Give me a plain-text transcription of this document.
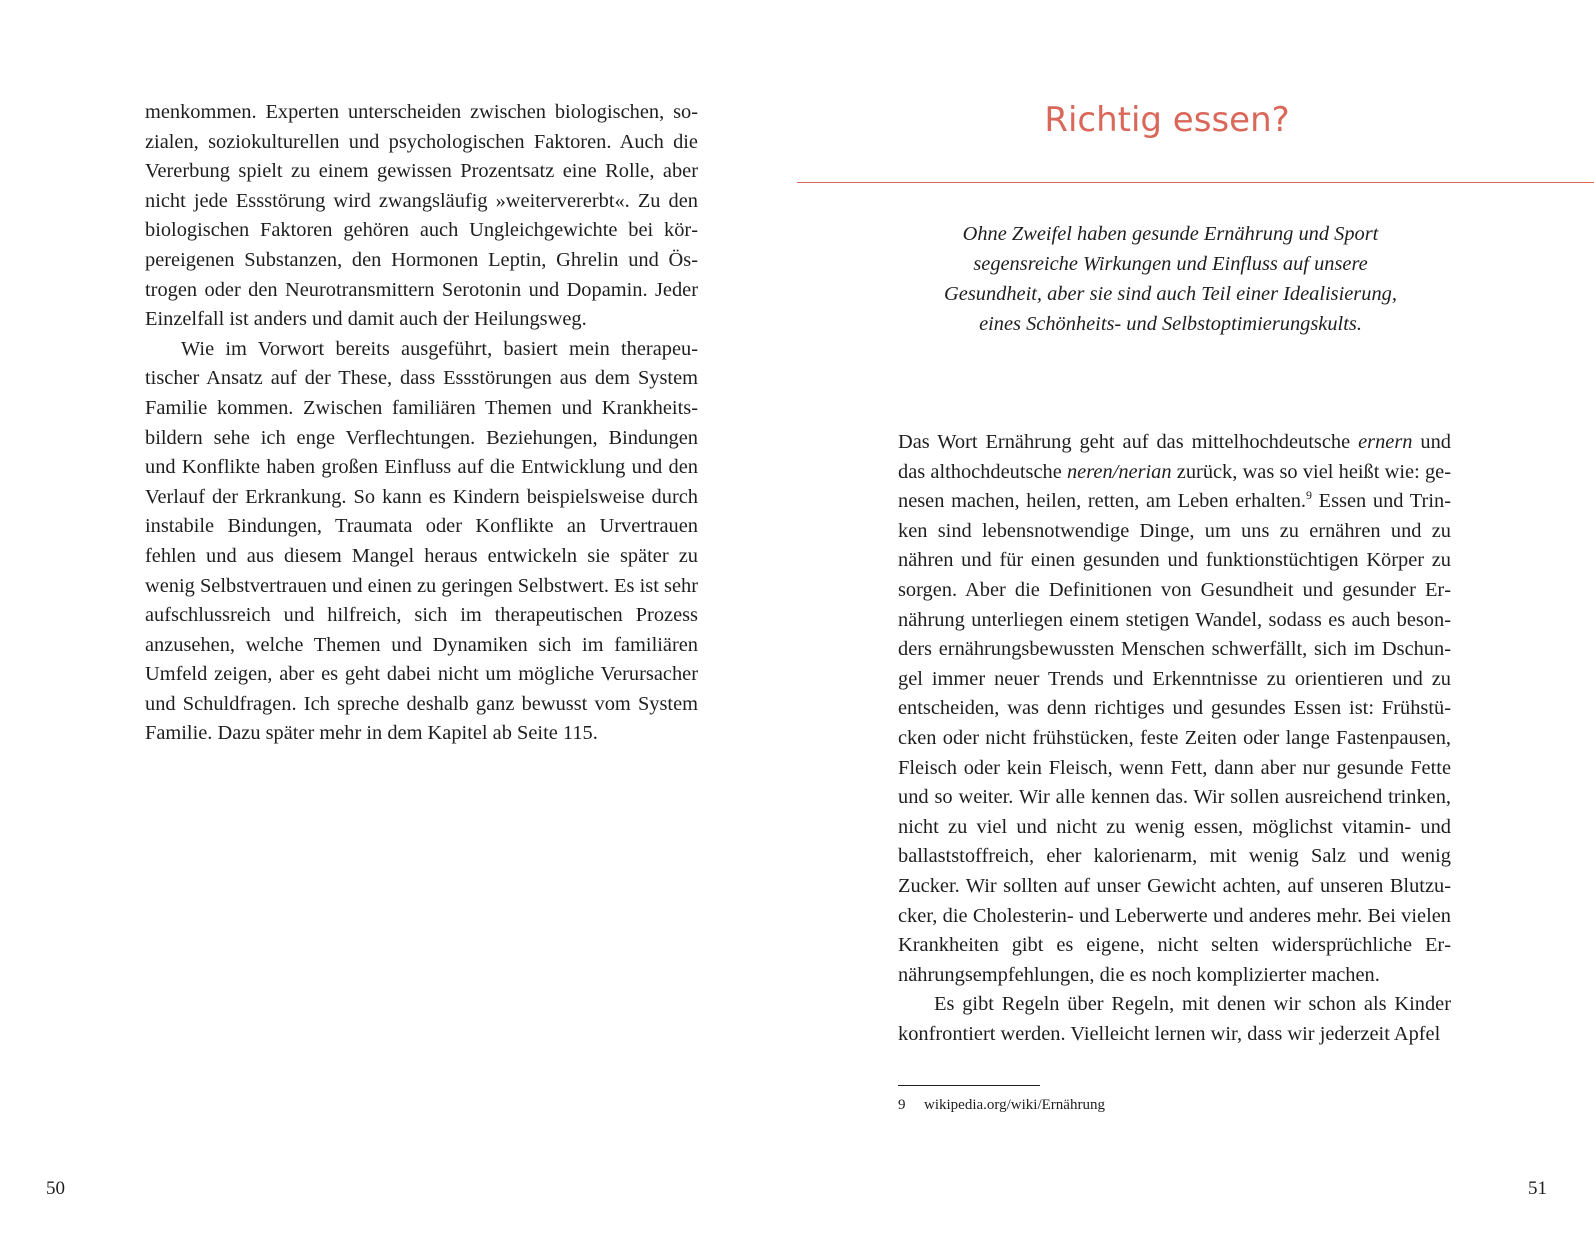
menkommen. Experten unterscheiden zwischen biologischen, sozialen, soziokulturellen und psychologischen Faktoren. Auch die Vererbung spielt zu einem gewissen Prozentsatz eine Rolle, aber nicht jede Essstörung wird zwangsläufig »weitervererbt«. Zu den biologischen Faktoren gehören auch Ungleichgewichte bei körpereigenen Substanzen, den Hormonen Leptin, Ghrelin und Östrogen oder den Neurotransmittern Serotonin und Dopamin. Jeder Einzelfall ist anders und damit auch der Heilungsweg.

Wie im Vorwort bereits ausgeführt, basiert mein therapeutischer Ansatz auf der These, dass Essstörungen aus dem System Familie kommen. Zwischen familiären Themen und Krankheitsbildern sehe ich enge Verflechtungen. Beziehungen, Bindungen und Konflikte haben großen Einfluss auf die Entwicklung und den Verlauf der Erkrankung. So kann es Kindern beispielsweise durch instabile Bindungen, Traumata oder Konflikte an Urvertrauen fehlen und aus diesem Mangel heraus entwickeln sie später zu wenig Selbstvertrauen und einen zu geringen Selbstwert. Es ist sehr aufschlussreich und hilfreich, sich im therapeutischen Prozess anzusehen, welche Themen und Dynamiken sich im familiären Umfeld zeigen, aber es geht dabei nicht um mögliche Verursacher und Schuldfragen. Ich spreche deshalb ganz bewusst vom System Familie. Dazu später mehr in dem Kapitel ab Seite 115.

50
Richtig essen?

Ohne Zweifel haben gesunde Ernährung und Sport
segensreiche Wirkungen und Einfluss auf unsere
Gesundheit, aber sie sind auch Teil einer Idealisierung,
eines Schönheits- und Selbstoptimierungskults.

Das Wort Ernährung geht auf das mittelhochdeutsche ernern und das althochdeutsche neren/nerian zurück, was so viel heißt wie: genesen machen, heilen, retten, am Leben erhalten.$^9$ Essen und Trinken sind lebensnotwendige Dinge, um uns zu ernähren und zu nähren und für einen gesunden und funktionstüchtigen Körper zu sorgen. Aber die Definitionen von Gesundheit und gesunder Ernährung unterliegen einem stetigen Wandel, sodass es auch besonders ernährungsbewussten Menschen schwerfällt, sich im Dschungel immer neuer Trends und Erkenntnisse zu orientieren und zu entscheiden, was denn richtiges und gesundes Essen ist: Frühstücken oder nicht frühstücken, feste Zeiten oder lange Fastenpausen, Fleisch oder kein Fleisch, wenn Fett, dann aber nur gesunde Fette und so weiter. Wir alle kennen das. Wir sollen ausreichend trinken, nicht zu viel und nicht zu wenig essen, möglichst vitamin- und ballaststoffreich, eher kalorienarm, mit wenig Salz und wenig Zucker. Wir sollten auf unser Gewicht achten, auf unseren Blutzucker, die Cholesterin- und Leberwerte und anderes mehr. Bei vielen Krankheiten gibt es eigene, nicht selten widersprüchliche Ernährungsempfehlungen, die es noch komplizierter machen.

Es gibt Regeln über Regeln, mit denen wir schon als Kinder konfrontiert werden. Vielleicht lernen wir, dass wir jederzeit Apfel

9 wikipedia.org/wiki/Ernährung

51
